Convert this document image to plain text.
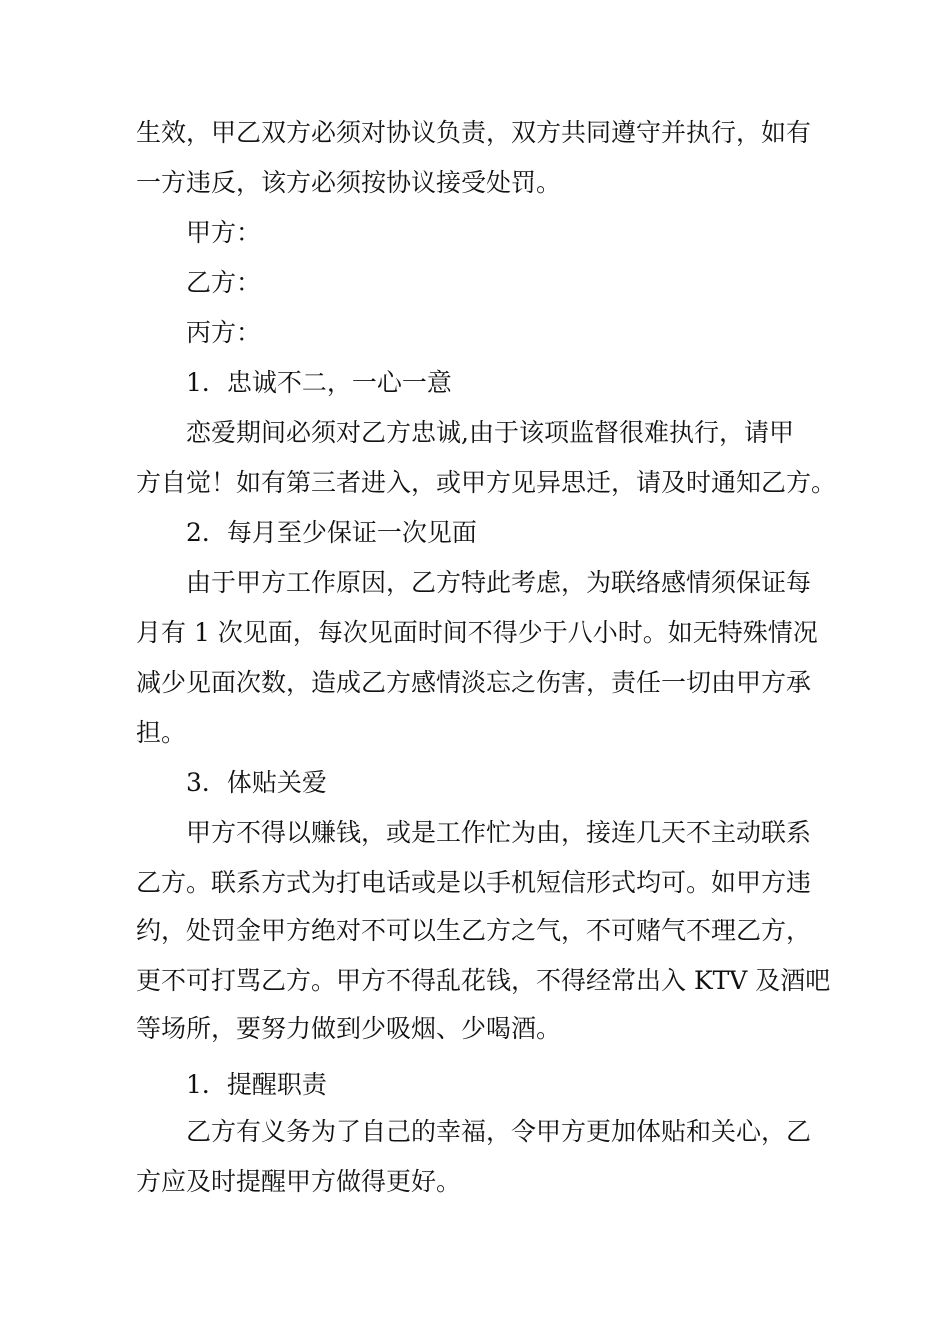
生效，甲乙双方必须对协议负责，双方共同遵守并执行，如有
一方违反，该方必须按协议接受处罚。
甲方：
乙方：
丙方：
1．忠诚不二，一心一意
恋爱期间必须对乙方忠诚,由于该项监督很难执行，请甲
方自觉！如有第三者进入，或甲方见异思迁，请及时通知乙方。
2．每月至少保证一次见面
由于甲方工作原因，乙方特此考虑，为联络感情须保证每
月有 1 次见面，每次见面时间不得少于八小时。如无特殊情况
减少见面次数，造成乙方感情淡忘之伤害，责任一切由甲方承
担。
3．体贴关爱
甲方不得以赚钱，或是工作忙为由，接连几天不主动联系
乙方。联系方式为打电话或是以手机短信形式均可。如甲方违
约，处罚金甲方绝对不可以生乙方之气，不可赌气不理乙方，
更不可打骂乙方。甲方不得乱花钱，不得经常出入 KTV 及酒吧
等场所，要努力做到少吸烟、少喝酒。
1．提醒职责
乙方有义务为了自己的幸福，令甲方更加体贴和关心，乙
方应及时提醒甲方做得更好。
